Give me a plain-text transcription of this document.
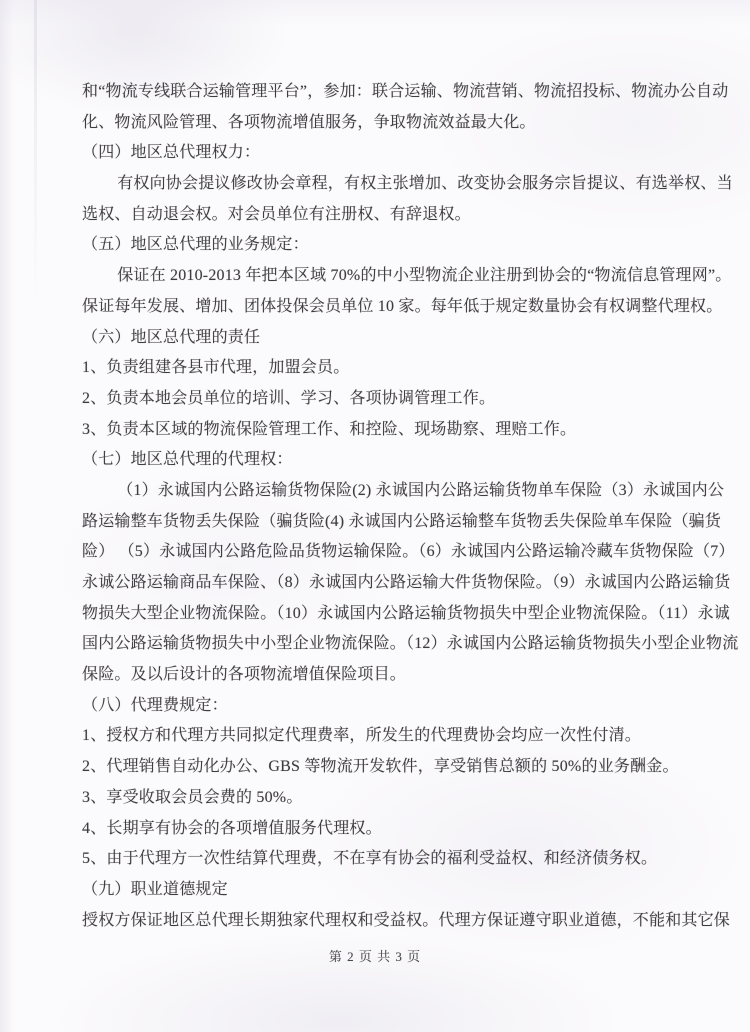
和“物流专线联合运输管理平台”，参加：联合运输、物流营销、物流招投标、物流办公自动
化、物流风险管理、各项物流增值服务，争取物流效益最大化。
（四）地区总代理权力：
有权向协会提议修改协会章程，有权主张增加、改变协会服务宗旨提议、有选举权、当
选权、自动退会权。对会员单位有注册权、有辞退权。
（五）地区总代理的业务规定：
保证在 2010-2013 年把本区域 70%的中小型物流企业注册到协会的“物流信息管理网”。
保证每年发展、增加、团体投保会员单位 10 家。每年低于规定数量协会有权调整代理权。
（六）地区总代理的责任
1、负责组建各县市代理，加盟会员。
2、负责本地会员单位的培训、学习、各项协调管理工作。
3、负责本区域的物流保险管理工作、和控险、现场勘察、理赔工作。
（七）地区总代理的代理权：
（1）永诚国内公路运输货物保险(2) 永诚国内公路运输货物单车保险（3）永诚国内公
路运输整车货物丢失保险（骗货险(4) 永诚国内公路运输整车货物丢失保险单车保险（骗货
险） （5）永诚国内公路危险品货物运输保险。（6）永诚国内公路运输冷藏车货物保险（7）
永诚公路运输商品车保险、（8）永诚国内公路运输大件货物保险。（9）永诚国内公路运输货
物损失大型企业物流保险。（10）永诚国内公路运输货物损失中型企业物流保险。（11）永诚
国内公路运输货物损失中小型企业物流保险。（12）永诚国内公路运输货物损失小型企业物流
保险。及以后设计的各项物流增值保险项目。
（八）代理费规定：
1、授权方和代理方共同拟定代理费率，所发生的代理费协会均应一次性付清。
2、代理销售自动化办公、GBS 等物流开发软件，享受销售总额的 50%的业务酬金。
3、享受收取会员会费的 50%。
4、长期享有协会的各项增值服务代理权。
5、由于代理方一次性结算代理费，不在享有协会的福利受益权、和经济债务权。
（九）职业道德规定
授权方保证地区总代理长期独家代理权和受益权。代理方保证遵守职业道德，不能和其它保
第 2 页 共 3 页
